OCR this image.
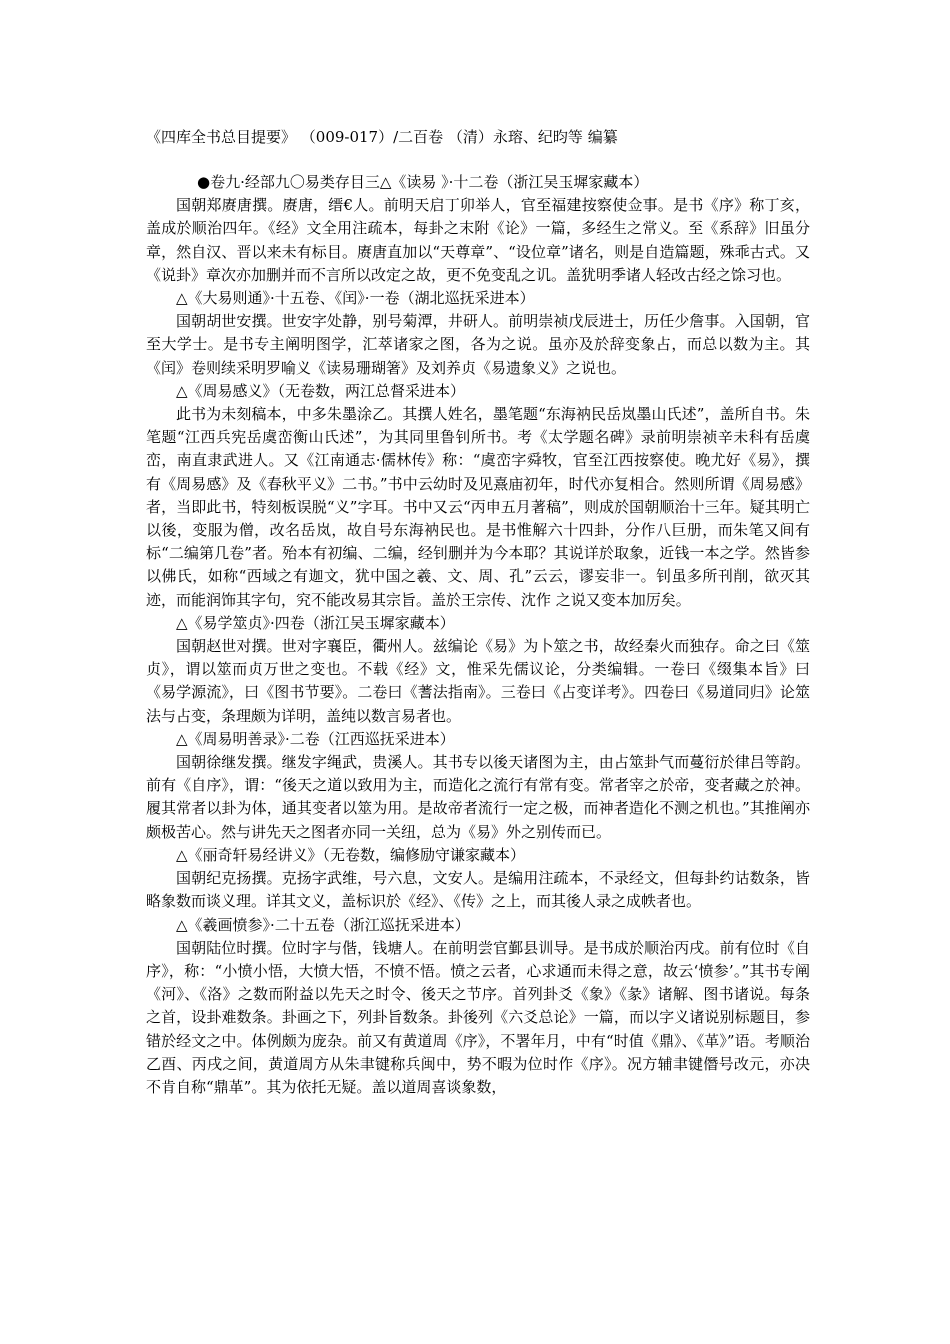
《四库全书总目提要》 （009-017）/二百卷 （清）永瑢、纪昀等 编纂

●卷九·经部九〇易类存目三△《读易 》·十二卷（浙江吴玉墀家藏本）

国朝郑赓唐撰。赓唐，缙€人。前明天启丁卯举人，官至福建按察使佥事。是书《序》称丁亥，盖成於顺治四年。《经》文全用注疏本，每卦之末附《论》一篇，多经生之常义。至《系辞》旧虽分章，然自汉、晋以来未有标目。赓唐直加以“天尊章”、“设位章”诸名，则是自造篇题，殊乖古式。又《说卦》章次亦加删并而不言所以改定之故，更不免变乱之讥。盖犹明季诸人轻改古经之馀习也。

△《大易则通》·十五卷、《闰》·一卷（湖北巡抚采进本）

国朝胡世安撰。世安字处静，别号菊潭，井研人。前明崇祯戊辰进士，历任少詹事。入国朝，官至大学士。是书专主阐明图学，汇萃诸家之图，各为之说。虽亦及於辞变象占，而总以数为主。其《闰》卷则续采明罗喻义《读易珊瑚箸》及刘养贞《易遗象义》之说也。

△《周易感义》（无卷数，两江总督采进本）

此书为未刻稿本，中多朱墨涂乙。其撰人姓名，墨笔题“东海衲民岳岚墨山氏述”，盖所自书。朱笔题“江西兵宪岳虞峦衡山氏述”，为其同里鲁钊所书。考《太学题名碑》录前明崇祯辛未科有岳虞峦，南直隶武进人。又《江南通志·儒林传》称：“虞峦字舜牧，官至江西按察使。晚尤好《易》，撰有《周易感》及《春秋平义》二书。”书中云幼时及见熹庙初年，时代亦复相合。然则所谓《周易感》者，当即此书，特刻板误脱“义”字耳。书中又云“丙申五月著稿”，则成於国朝顺治十三年。疑其明亡以後，变服为僧，改名岳岚，故自号东海衲民也。是书惟解六十四卦，分作八巨册，而朱笔又间有标“二编第几卷”者。殆本有初编、二编，经钊删并为今本耶？其说详於取象，近钱一本之学。然皆参以佛氏，如称“西域之有迦文，犹中国之羲、文、周、孔”云云，谬妄非一。钊虽多所刊削，欲灭其迹，而能润饰其字句，究不能改易其宗旨。盖於王宗传、沈作 之说又变本加厉矣。

△《易学筮贞》·四卷（浙江吴玉墀家藏本）

国朝赵世对撰。世对字襄臣，衢州人。兹编论《易》为卜筮之书，故经秦火而独存。命之曰《筮贞》，谓以筮而贞万世之变也。不载《经》文，惟采先儒议论，分类编辑。一卷曰《缀集本旨》曰《易学源流》，曰《图书节要》。二卷曰《蓍法指南》。三卷曰《占变详考》。四卷曰《易道同归》论筮法与占变，条理颇为详明，盖纯以数言易者也。

△《周易明善录》·二卷（江西巡抚采进本）

国朝徐继发撰。继发字绳武，贵溪人。其书专以後天诸图为主，由占筮卦气而蔓衍於律吕等韵。前有《自序》，谓：“後天之道以致用为主，而造化之流行有常有变。常者宰之於帝，变者藏之於神。履其常者以卦为体，通其变者以筮为用。是故帝者流行一定之极，而神者造化不测之机也。”其推阐亦颇极苦心。然与讲先天之图者亦同一关纽，总为《易》外之别传而已。

△《丽奇轩易经讲义》（无卷数，编修励守谦家藏本）

国朝纪克扬撰。克扬字武维，号六息，文安人。是编用注疏本，不录经文，但每卦约诂数条，皆略象数而谈义理。详其文义，盖标识於《经》、《传》之上，而其後人录之成帙者也。

△《羲画愤参》·二十五卷（浙江巡抚采进本）

国朝陆位时撰。位时字与偕，钱塘人。在前明尝官鄞县训导。是书成於顺治丙戌。前有位时《自序》，称：“小愤小悟，大愤大悟，不愤不悟。愤之云者，心求通而未得之意，故云‘愤参’。”其书专阐《河》、《洛》之数而附益以先天之时令、後天之节序。首列卦爻《象》《彖》诸解、图书诸说。每条之首，设卦难数条。卦画之下，列卦旨数条。卦後列《六爻总论》一篇，而以字义诸说别标题目，参错於经文之中。体例颇为庞杂。前又有黄道周《序》，不署年月，中有“时值《鼎》、《革》”语。考顺治乙酉、丙戌之间，黄道周方从朱聿键称兵闽中，势不暇为位时作《序》。况方辅聿键僭号改元，亦决不肯自称“鼎革”。其为依托无疑。盖以道周喜谈象数，
